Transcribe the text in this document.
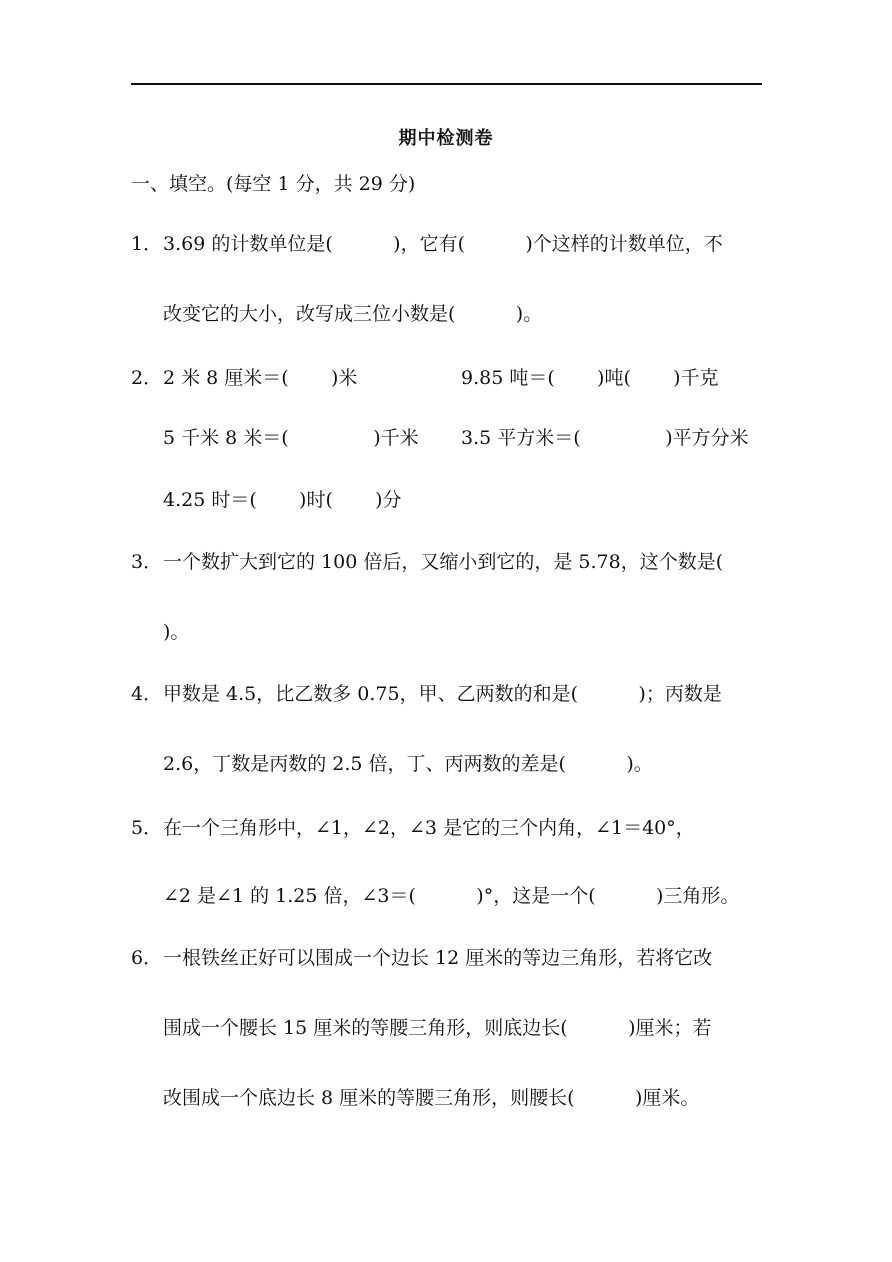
期中检测卷
一、填空。(每空 1 分，共 29 分)
1． 3.69 的计数单位是(          )，它有(          )个这样的计数单位，不
改变它的大小，改写成三位小数是(          )。
2． 2 米 8 厘米＝(       )米	9.85 吨＝(       )吨(       )千克
5 千米 8 米＝(              )千米 3.5 平方米＝(              )平方分米
4.25 时＝(       )时(       )分
3． 一个数扩大到它的 100 倍后，又缩小到它的，是 5.78，这个数是(
)。
4． 甲数是 4.5，比乙数多 0.75，甲、乙两数的和是(          )；丙数是
2.6，丁数是丙数的 2.5 倍，丁、丙两数的差是(          )。
5． 在一个三角形中，∠1，∠2，∠3 是它的三个内角，∠1＝40°，
∠2 是∠1 的 1.25 倍，∠3＝(          )°，这是一个(          )三角形。
6． 一根铁丝正好可以围成一个边长 12 厘米的等边三角形，若将它改
围成一个腰长 15 厘米的等腰三角形，则底边长(          )厘米；若
改围成一个底边长 8 厘米的等腰三角形，则腰长(          )厘米。
